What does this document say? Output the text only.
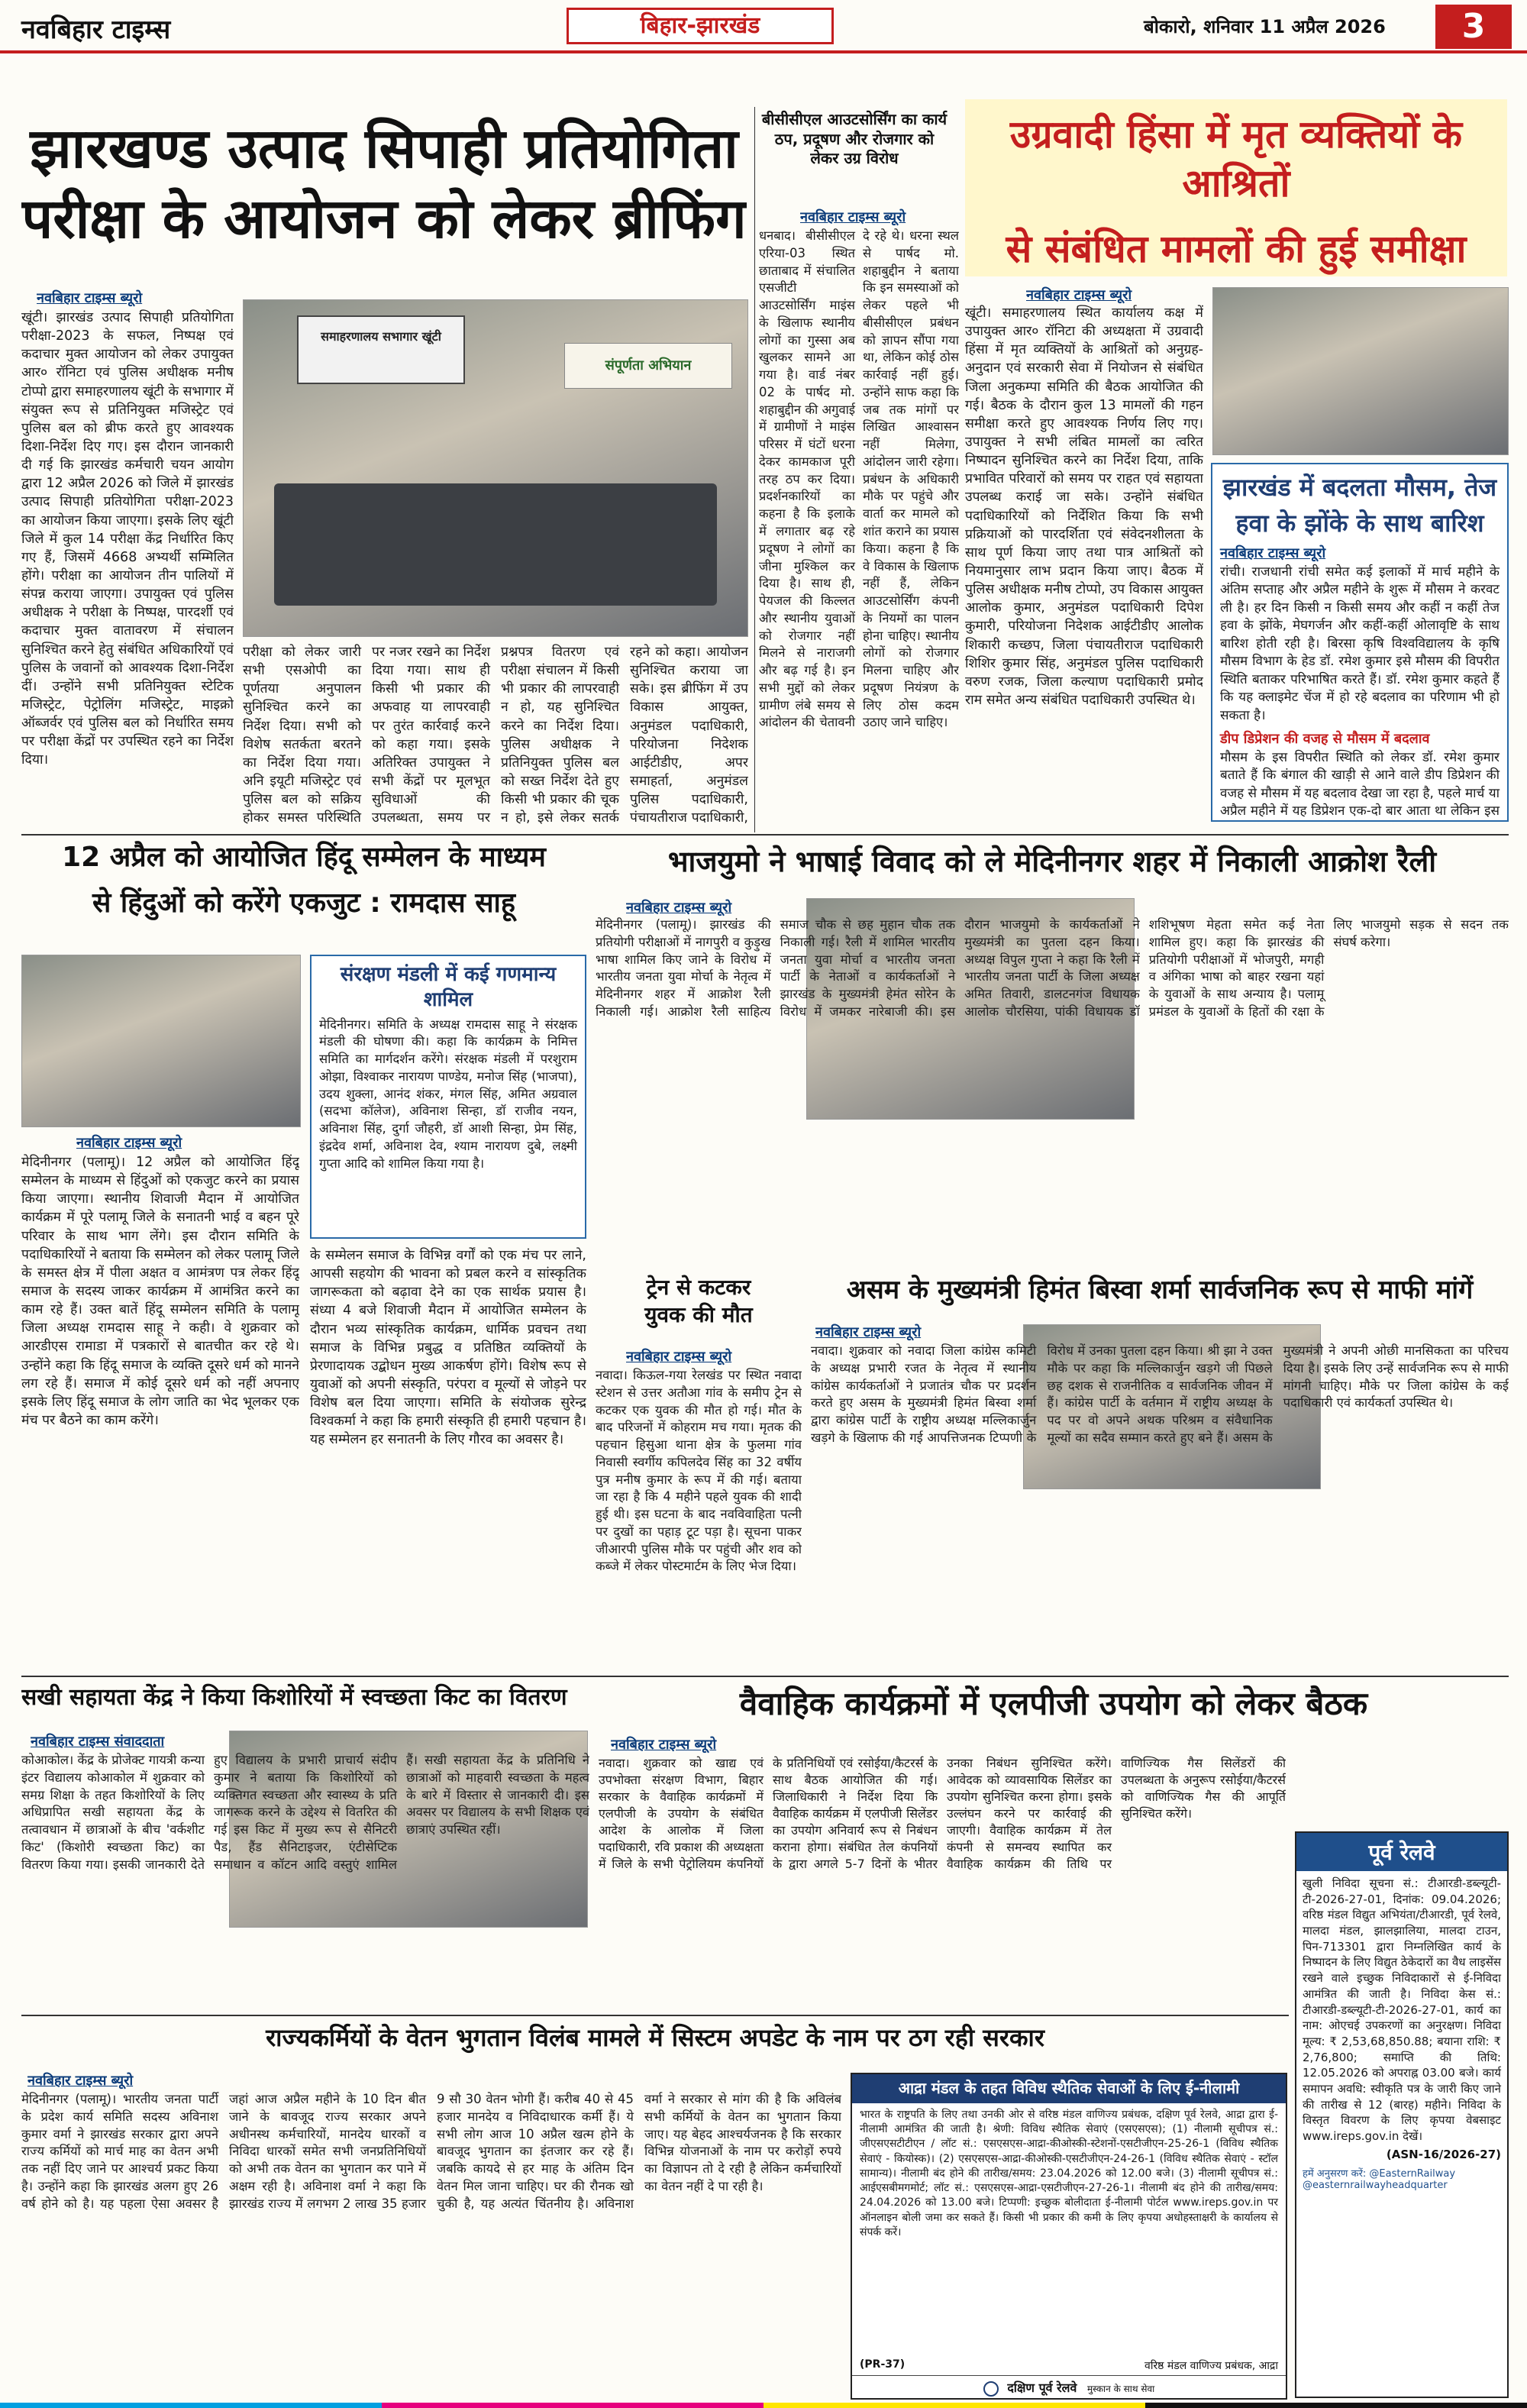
नवबिहार टाइम्स	बिहार-झारखंड	बोकारो, शनिवार 11 अप्रैल 2026	3
झारखण्ड उत्पाद सिपाही प्रतियोगिता
परीक्षा के आयोजन को लेकर ब्रीफिंग
नवबिहार टाइम्स ब्यूरो
खूंटी। झारखंड उत्पाद सिपाही प्रतियोगिता परीक्षा-2023 के सफल, निष्पक्ष एवं कदाचार मुक्त आयोजन को लेकर उपायुक्त आर० रॉनिटा एवं पुलिस अधीक्षक मनीष टोप्पो द्वारा समाहरणालय खूंटी के सभागार में संयुक्त रूप से प्रतिनियुक्त मजिस्ट्रेट एवं पुलिस बल को ब्रीफ करते हुए आवश्यक दिशा-निर्देश दिए गए। इस दौरान जानकारी दी गई कि झारखंड कर्मचारी चयन आयोग द्वारा 12 अप्रैल 2026 को जिले में झारखंड उत्पाद सिपाही प्रतियोगिता परीक्षा-2023 का आयोजन किया जाएगा। इसके लिए खूंटी जिले में कुल 14 परीक्षा केंद्र निर्धारित किए गए हैं, जिसमें 4668 अभ्यर्थी सम्मिलित होंगे। परीक्षा का आयोजन तीन पालियों में संपन्न कराया जाएगा। उपायुक्त एवं पुलिस अधीक्षक ने परीक्षा के निष्पक्ष, पारदर्शी एवं कदाचार मुक्त वातावरण में संचालन सुनिश्चित करने हेतु संबंधित अधिकारियों एवं पुलिस के जवानों को आवश्यक दिशा-निर्देश दीं। उन्होंने सभी प्रतिनियुक्त स्टेटिक मजिस्ट्रेट, पेट्रोलिंग मजिस्ट्रेट, माइक्रो ऑब्जर्वर एवं पुलिस बल को निर्धारित समय पर परीक्षा केंद्रों पर उपस्थित रहने का निर्देश दिया।
समाहरणालय सभागार खूंटी
संपूर्णता अभियान
परीक्षा को लेकर जारी सभी एसओपी का पूर्णतया अनुपालन सुनिश्चित करने का निर्देश दिया। सभी को विशेष सतर्कता बरतने का निर्देश दिया गया। अनि इयूटी मजिस्ट्रेट एवं पुलिस बल को सक्रिय होकर समस्त परिस्थिति पर नजर रखने का निर्देश दिया गया। साथ ही किसी भी प्रकार की अफवाह या लापरवाही पर तुरंत कार्रवाई करने को कहा गया। इसके अतिरिक्त उपायुक्त ने सभी केंद्रों पर मूलभूत सुविधाओं की उपलब्धता, समय पर प्रश्नपत्र वितरण एवं परीक्षा संचालन में किसी भी प्रकार की लापरवाही न हो, यह सुनिश्चित करने का निर्देश दिया। पुलिस अधीक्षक ने प्रतिनियुक्त पुलिस बल को सख्त निर्देश देते हुए किसी भी प्रकार की चूक न हो, इसे लेकर सतर्क रहने को कहा। आयोजन सुनिश्चित कराया जा सके। इस ब्रीफिंग में उप विकास आयुक्त, अनुमंडल पदाधिकारी, परियोजना निदेशक आईटीडीए, अपर समाहर्ता, अनुमंडल पुलिस पदाधिकारी, पंचायतीराज पदाधिकारी,
बीसीसीएल आउटसोर्सिंग का कार्य ठप, प्रदूषण और रोजगार को लेकर उग्र विरोध
नवबिहार टाइम्स ब्यूरो
धनबाद। बीसीसीएल एरिया-03 स्थित छाताबाद में संचालित एसजीटी आउटसोर्सिंग माइंस के खिलाफ स्थानीय लोगों का गुस्सा अब खुलकर सामने आ गया है। वार्ड नंबर 02 के पार्षद मो. शहाबुद्दीन की अगुवाई में ग्रामीणों ने माइंस परिसर में घंटों धरना देकर कामकाज पूरी तरह ठप कर दिया। प्रदर्शनकारियों का कहना है कि इलाके में लगातार बढ़ रहे प्रदूषण ने लोगों का जीना मुश्किल कर दिया है। साथ ही, पेयजल की किल्लत और स्थानीय युवाओं को रोजगार नहीं मिलने से नाराजगी और बढ़ गई है। इन सभी मुद्दों को लेकर ग्रामीण लंबे समय से आंदोलन की चेतावनी दे रहे थे। धरना स्थल से पार्षद मो. शहाबुद्दीन ने बताया कि इन समस्याओं को लेकर पहले भी बीसीसीएल प्रबंधन को ज्ञापन सौंपा गया था, लेकिन कोई ठोस कार्रवाई नहीं हुई। उन्होंने साफ कहा कि जब तक मांगों पर लिखित आश्वासन नहीं मिलेगा, आंदोलन जारी रहेगा। प्रबंधन के अधिकारी मौके पर पहुंचे और वार्ता कर मामले को शांत कराने का प्रयास किया। कहना है कि वे विकास के खिलाफ नहीं हैं, लेकिन आउटसोर्सिंग कंपनी के नियमों का पालन होना चाहिए। स्थानीय लोगों को रोजगार मिलना चाहिए और प्रदूषण नियंत्रण के लिए ठोस कदम उठाए जाने चाहिए।
उग्रवादी हिंसा में मृत व्यक्तियों के आश्रितों
से संबंधित मामलों की हुई समीक्षा
नवबिहार टाइम्स ब्यूरो
खूंटी। समाहरणालय स्थित कार्यालय कक्ष में उपायुक्त आर० रॉनिटा की अध्यक्षता में उग्रवादी हिंसा में मृत व्यक्तियों के आश्रितों को अनुग्रह-अनुदान एवं सरकारी सेवा में नियोजन से संबंधित जिला अनुकम्पा समिति की बैठक आयोजित की गई। बैठक के दौरान कुल 13 मामलों की गहन समीक्षा करते हुए आवश्यक निर्णय लिए गए। उपायुक्त ने सभी लंबित मामलों का त्वरित निष्पादन सुनिश्चित करने का निर्देश दिया, ताकि प्रभावित परिवारों को समय पर राहत एवं सहायता उपलब्ध कराई जा सके। उन्होंने संबंधित पदाधिकारियों को निर्देशित किया कि सभी प्रक्रियाओं को पारदर्शिता एवं संवेदनशीलता के साथ पूर्ण किया जाए तथा पात्र आश्रितों को नियमानुसार लाभ प्रदान किया जाए। बैठक में पुलिस अधीक्षक मनीष टोप्पो, उप विकास आयुक्त आलोक कुमार, अनुमंडल पदाधिकारी दिपेश कुमारी, परियोजना निदेशक आईटीडीए आलोक शिकारी कच्छप, जिला पंचायतीराज पदाधिकारी शिशिर कुमार सिंह, अनुमंडल पुलिस पदाधिकारी वरुण रजक, जिला कल्याण पदाधिकारी प्रमोद राम समेत अन्य संबंधित पदाधिकारी उपस्थित थे।
झारखंड में बदलता मौसम, तेज
हवा के झोंके के साथ बारिश
नवबिहार टाइम्स ब्यूरो
रांची। राजधानी रांची समेत कई इलाकों में मार्च महीने के अंतिम सप्ताह और अप्रैल महीने के शुरू में मौसम ने करवट ली है। हर दिन किसी न किसी समय और कहीं न कहीं तेज हवा के झोंके, मेघगर्जन और कहीं-कहीं ओलावृष्टि के साथ बारिश होती रही है। बिरसा कृषि विश्वविद्यालय के कृषि मौसम विभाग के हेड डॉ. रमेश कुमार इसे मौसम की विपरीत स्थिति बताकर परिभाषित करते हैं। डॉ. रमेश कुमार कहते हैं कि यह क्लाइमेट चेंज में हो रहे बदलाव का परिणाम भी हो सकता है।
डीप डिप्रेशन की वजह से मौसम में बदलाव
मौसम के इस विपरीत स्थिति को लेकर डॉ. रमेश कुमार बताते हैं कि बंगाल की खाड़ी से आने वाले डीप डिप्रेशन की वजह से मौसम में यह बदलाव देखा जा रहा है, पहले मार्च या अप्रैल महीने में यह डिप्रेशन एक-दो बार आता था लेकिन इस
12 अप्रैल को आयोजित हिंदू सम्मेलन के माध्यम
से हिंदुओं को करेंगे एकजुट : रामदास साहू
संरक्षण मंडली में कई गणमान्य शामिल
मेदिनीनगर। समिति के अध्यक्ष रामदास साहू ने संरक्षक मंडली की घोषणा की। कहा कि कार्यक्रम के निमित्त समिति का मार्गदर्शन करेंगे। संरक्षक मंडली में परशुराम ओझा, विश्वाकर नारायण पाण्डेय, मनोज सिंह (भाजपा), उदय शुक्ला, आनंद शंकर, मंगल सिंह, अमित अग्रवाल (सदभा कॉलेज), अविनाश सिन्हा, डॉ राजीव नयन, अविनाश सिंह, दुर्गा जौहरी, डॉ आशी सिन्हा, प्रेम सिंह, इंद्रदेव शर्मा, अविनाश देव, श्याम नारायण दुबे, लक्ष्मी गुप्ता आदि को शामिल किया गया है।
नवबिहार टाइम्स ब्यूरो
मेदिनीनगर (पलामू)। 12 अप्रैल को आयोजित हिंदू सम्मेलन के माध्यम से हिंदुओं को एकजुट करने का प्रयास किया जाएगा। स्थानीय शिवाजी मैदान में आयोजित कार्यक्रम में पूरे पलामू जिले के सनातनी भाई व बहन पूरे परिवार के साथ भाग लेंगे। इस दौरान समिति के पदाधिकारियों ने बताया कि सम्मेलन को लेकर पलामू जिले के समस्त क्षेत्र में पीला अक्षत व आमंत्रण पत्र लेकर हिंदू समाज के सदस्य जाकर कार्यक्रम में आमंत्रित करने का काम रहे हैं। उक्त बातें हिंदू सम्मेलन समिति के पलामू जिला अध्यक्ष रामदास साहू ने कही। वे शुक्रवार को आरडीएस रामाडा में पत्रकारों से बातचीत कर रहे थे। उन्होंने कहा कि हिंदू समाज के व्यक्ति दूसरे धर्म को मानने लग रहे हैं। समाज में कोई दूसरे धर्म को नहीं अपनाए इसके लिए हिंदू समाज के लोग जाति का भेद भूलकर एक मंच पर बैठने का काम करेंगे।
के सम्मेलन समाज के विभिन्न वर्गों को एक मंच पर लाने, आपसी सहयोग की भावना को प्रबल करने व सांस्कृतिक जागरूकता को बढ़ावा देने का एक सार्थक प्रयास है। संध्या 4 बजे शिवाजी मैदान में आयोजित सम्मेलन के दौरान भव्य सांस्कृतिक कार्यक्रम, धार्मिक प्रवचन तथा समाज के विभिन्न प्रबुद्ध व प्रतिष्ठित व्यक्तियों के प्रेरणादायक उद्बोधन मुख्य आकर्षण होंगे। विशेष रूप से युवाओं को अपनी संस्कृति, परंपरा व मूल्यों से जोड़ने पर विशेष बल दिया जाएगा। समिति के संयोजक सुरेन्द्र विश्वकर्मा ने कहा कि हमारी संस्कृति ही हमारी पहचान है। यह सम्मेलन हर सनातनी के लिए गौरव का अवसर है।
भाजयुमो ने भाषाई विवाद को ले मेदिनीनगर शहर में निकाली आक्रोश रैली
नवबिहार टाइम्स ब्यूरो
मेदिनीनगर (पलामू)। झारखंड की प्रतियोगी परीक्षाओं में नागपुरी व कुड़ुख भाषा शामिल किए जाने के विरोध में भारतीय जनता युवा मोर्चा के नेतृत्व में मेदिनीनगर शहर में आक्रोश रैली निकाली गई। आक्रोश रैली साहित्य समाज चौक से छह मुहान चौक तक निकाली गई। रैली में शामिल भारतीय जनता युवा मोर्चा व भारतीय जनता पार्टी के नेताओं व कार्यकर्ताओं ने झारखंड के मुख्यमंत्री हेमंत सोरेन के विरोध में जमकर नारेबाजी की। इस दौरान भाजयुमो के कार्यकर्ताओं ने मुख्यमंत्री का पुतला दहन किया। अध्यक्ष विपुल गुप्ता ने कहा कि रैली में भारतीय जनता पार्टी के जिला अध्यक्ष अमित तिवारी, डालटनगंज विधायक आलोक चौरसिया, पांकी विधायक डॉ शशिभूषण मेहता समेत कई नेता शामिल हुए। कहा कि झारखंड की प्रतियोगी परीक्षाओं में भोजपुरी, मगही व अंगिका भाषा को बाहर रखना यहां के युवाओं के साथ अन्याय है। पलामू प्रमंडल के युवाओं के हितों की रक्षा के लिए भाजयुमो सड़क से सदन तक संघर्ष करेगा।
ट्रेन से कटकर
युवक की मौत
नवबिहार टाइम्स ब्यूरो
नवादा। किऊल-गया रेलखंड पर स्थित नवादा स्टेशन से उत्तर अतौआ गांव के समीप ट्रेन से कटकर एक युवक की मौत हो गई। मौत के बाद परिजनों में कोहराम मच गया। मृतक की पहचान हिसुआ थाना क्षेत्र के फुलमा गांव निवासी स्वर्गीय कपिलदेव सिंह का 32 वर्षीय पुत्र मनीष कुमार के रूप में की गई। बताया जा रहा है कि 4 महीने पहले युवक की शादी हुई थी। इस घटना के बाद नवविवाहिता पत्नी पर दुखों का पहाड़ टूट पड़ा है। सूचना पाकर जीआरपी पुलिस मौके पर पहुंची और शव को कब्जे में लेकर पोस्टमार्टम के लिए भेज दिया।
असम के मुख्यमंत्री हिमंत बिस्वा शर्मा सार्वजनिक रूप से माफी मांगें
नवबिहार टाइम्स ब्यूरो
नवादा। शुक्रवार को नवादा जिला कांग्रेस कमिटी के अध्यक्ष प्रभारी रजत के नेतृत्व में स्थानीय कांग्रेस कार्यकर्ताओं ने प्रजातंत्र चौक पर प्रदर्शन करते हुए असम के मुख्यमंत्री हिमंत बिस्वा शर्मा द्वारा कांग्रेस पार्टी के राष्ट्रीय अध्यक्ष मल्लिकार्जुन खड़गे के खिलाफ की गई आपत्तिजनक टिप्पणी के विरोध में उनका पुतला दहन किया। श्री झा ने उक्त मौके पर कहा कि मल्लिकार्जुन खड़गे जी पिछले छह दशक से राजनीतिक व सार्वजनिक जीवन में हैं। कांग्रेस पार्टी के वर्तमान में राष्ट्रीय अध्यक्ष के पद पर वो अपने अथक परिश्रम व संवैधानिक मूल्यों का सदैव सम्मान करते हुए बने हैं। असम के मुख्यमंत्री ने अपनी ओछी मानसिकता का परिचय दिया है। इसके लिए उन्हें सार्वजनिक रूप से माफी मांगनी चाहिए। मौके पर जिला कांग्रेस के कई पदाधिकारी एवं कार्यकर्ता उपस्थित थे।
सखी सहायता केंद्र ने किया किशोरियों में स्वच्छता किट का वितरण
नवबिहार टाइम्स संवाददाता
कोआकोल। केंद्र के प्रोजेक्ट गायत्री कन्या इंटर विद्यालय कोआकोल में शुक्रवार को समग्र शिक्षा के तहत किशोरियों के लिए अधिप्रापित सखी सहायता केंद्र के तत्वावधान में छात्राओं के बीच 'वर्कशीट किट' (किशोरी स्वच्छता किट) का वितरण किया गया। इसकी जानकारी देते हुए विद्यालय के प्रभारी प्राचार्य संदीप कुमार ने बताया कि किशोरियों को व्यक्तिगत स्वच्छता और स्वास्थ्य के प्रति जागरूक करने के उद्देश्य से वितरित की गई इस किट में मुख्य रूप से सैनिटरी पैड, हैंड सैनिटाइजर, एंटीसेप्टिक समाधान व कॉटन आदि वस्तुएं शामिल हैं। सखी सहायता केंद्र के प्रतिनिधि ने छात्राओं को माहवारी स्वच्छता के महत्व के बारे में विस्तार से जानकारी दी। इस अवसर पर विद्यालय के सभी शिक्षक एवं छात्राएं उपस्थित रहीं।
वैवाहिक कार्यक्रमों में एलपीजी उपयोग को लेकर बैठक
नवबिहार टाइम्स ब्यूरो
नवादा। शुक्रवार को खाद्य एवं उपभोक्ता संरक्षण विभाग, बिहार सरकार के वैवाहिक कार्यक्रमों में एलपीजी के उपयोग के संबंधित आदेश के आलोक में जिला पदाधिकारी, रवि प्रकाश की अध्यक्षता में जिले के सभी पेट्रोलियम कंपनियों के प्रतिनिधियों एवं रसोईया/कैटरर्स के साथ बैठक आयोजित की गई। जिलाधिकारी ने निर्देश दिया कि वैवाहिक कार्यक्रम में एलपीजी सिलेंडर का उपयोग अनिवार्य रूप से निबंधन कराना होगा। संबंधित तेल कंपनियों के द्वारा अगले 5-7 दिनों के भीतर उनका निबंधन सुनिश्चित करेंगे। आवेदक को व्यावसायिक सिलेंडर का उपयोग सुनिश्चित करना होगा। इसके उल्लंघन करने पर कार्रवाई की जाएगी। वैवाहिक कार्यक्रम में तेल कंपनी से समन्वय स्थापित कर वैवाहिक कार्यक्रम की तिथि पर वाणिज्यिक गैस सिलेंडरों की उपलब्धता के अनुरूप रसोईया/कैटरर्स को वाणिज्यिक गैस की आपूर्ति सुनिश्चित करेंगे।
पूर्व रेलवे
खुली निविदा सूचना सं.: टीआरडी-डब्ल्यूटी-टी-2026-27-01, दिनांक: 09.04.2026; वरिष्ठ मंडल विद्युत अभियंता/टीआरडी, पूर्व रेलवे, मालदा मंडल, झालझालिया, मालदा टाउन, पिन-713301 द्वारा निम्नलिखित कार्य के निष्पादन के लिए विद्युत ठेकेदारों का वैध लाइसेंस रखने वाले इच्छुक निविदाकारों से ई-निविदा आमंत्रित की जाती है। निविदा केस सं.: टीआरडी-डब्ल्यूटी-टी-2026-27-01, कार्य का नाम: ओएचई उपकरणों का अनुरक्षण। निविदा मूल्य: ₹ 2,53,68,850.88; बयाना राशि: ₹ 2,76,800; समाप्ति की तिथि: 12.05.2026 को अपराह्न 03.00 बजे। कार्य समापन अवधि: स्वीकृति पत्र के जारी किए जाने की तारीख से 12 (बारह) महीने। निविदा के विस्तृत विवरण के लिए कृपया वेबसाइट www.ireps.gov.in देखें।
(ASN-16/2026-27)
हमें अनुसरण करें: @EasternRailway @easternrailwayheadquarter
राज्यकर्मियों के वेतन भुगतान विलंब मामले में सिस्टम अपडेट के नाम पर ठग रही सरकार
नवबिहार टाइम्स ब्यूरो
मेदिनीनगर (पलामू)। भारतीय जनता पार्टी के प्रदेश कार्य समिति सदस्य अविनाश कुमार वर्मा ने झारखंड सरकार द्वारा अपने राज्य कर्मियों को मार्च माह का वेतन अभी तक नहीं दिए जाने पर आश्चर्य प्रकट किया है। उन्होंने कहा कि झारखंड अलग हुए 26 वर्ष होने को है। यह पहला ऐसा अवसर है जहां आज अप्रैल महीने के 10 दिन बीत जाने के बावजूद राज्य सरकार अपने अधीनस्थ कर्मचारियों, मानदेय धारकों व निविदा धारकों समेत सभी जनप्रतिनिधियों को अभी तक वेतन का भुगतान कर पाने में अक्षम रही है। अविनाश वर्मा ने कहा कि झारखंड राज्य में लगभग 2 लाख 35 हजार 9 सौ 30 वेतन भोगी हैं। करीब 40 से 45 हजार मानदेय व निविदाधारक कर्मी हैं। ये सभी लोग आज 10 अप्रैल खत्म होने के बावजूद भुगतान का इंतजार कर रहे हैं। जबकि कायदे से हर माह के अंतिम दिन वेतन मिल जाना चाहिए। घर की रौनक खो चुकी है, यह अत्यंत चिंतनीय है। अविनाश वर्मा ने सरकार से मांग की है कि अविलंब सभी कर्मियों के वेतन का भुगतान किया जाए। यह बेहद आश्चर्यजनक है कि सरकार विभिन्न योजनाओं के नाम पर करोड़ों रुपये का विज्ञापन तो दे रही है लेकिन कर्मचारियों का वेतन नहीं दे पा रही है।
आद्रा मंडल के तहत विविध स्थैतिक सेवाओं के लिए ई-नीलामी
भारत के राष्ट्रपति के लिए तथा उनकी ओर से वरिष्ठ मंडल वाणिज्य प्रबंधक, दक्षिण पूर्व रेलवे, आद्रा द्वारा ई-नीलामी आमंत्रित की जाती है। श्रेणी: विविध स्थैतिक सेवाएं (एसएसएस); (1) नीलामी सूचीपत्र सं.: जीएसएसटीटीएन / लॉट सं.: एसएसएस-आद्रा-कीओस्की-स्टेशनों-एसटीजीएन-25-26-1 (विविध स्थैतिक सेवाएं - कियोस्क)। (2) एसएसएस-आद्रा-कीओस्की-एसटीजीएन-24-26-1 (विविध स्थैतिक सेवाएं - स्टॉल सामान्य)। नीलामी बंद होने की तारीख/समय: 23.04.2026 को 12.00 बजे। (3) नीलामी सूचीपत्र सं.: आईएसबीमगमोर्ट; लॉट सं.: एसएसएस-आद्रा-एसटीजीएन-27-26-1। नीलामी बंद होने की तारीख/समय: 24.04.2026 को 13.00 बजे। टिप्पणी: इच्छुक बोलीदाता ई-नीलामी पोर्टल www.ireps.gov.in पर ऑनलाइन बोली जमा कर सकते हैं। किसी भी प्रकार की कमी के लिए कृपया अधोहस्ताक्षरी के कार्यालय से संपर्क करें।
(PR-37)	वरिष्ठ मंडल वाणिज्य प्रबंधक, आद्रा
दक्षिण पूर्व रेलवे मुस्कान के साथ सेवा
